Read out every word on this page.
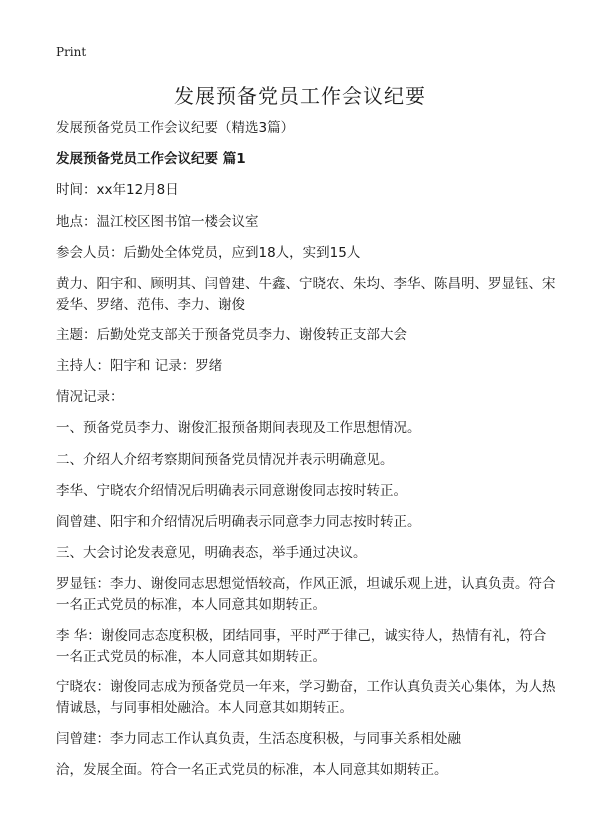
Print
发展预备党员工作会议纪要

发展预备党员工作会议纪要（精选3篇）

发展预备党员工作会议纪要 篇1

时间：xx年12月8日

地点：温江校区图书馆一楼会议室

参会人员：后勤处全体党员，应到18人，实到15人

黄力、阳宇和、顾明其、闫曾建、牛鑫、宁晓农、朱均、李华、陈昌明、罗显钰、宋爱华、罗绪、范伟、李力、谢俊

主题：后勤处党支部关于预备党员李力、谢俊转正支部大会

主持人：阳宇和 记录：罗绪

情况记录：

一、预备党员李力、谢俊汇报预备期间表现及工作思想情况。

二、介绍人介绍考察期间预备党员情况并表示明确意见。

李华、宁晓农介绍情况后明确表示同意谢俊同志按时转正。

阎曾建、阳宇和介绍情况后明确表示同意李力同志按时转正。

三、大会讨论发表意见，明确表态，举手通过决议。

罗显钰：李力、谢俊同志思想觉悟较高，作风正派，坦诚乐观上进，认真负责。符合一名正式党员的标准，本人同意其如期转正。

李 华：谢俊同志态度积极，团结同事，平时严于律己，诚实待人，热情有礼，符合一名正式党员的标准，本人同意其如期转正。

宁晓农：谢俊同志成为预备党员一年来，学习勤奋，工作认真负责关心集体，为人热情诚恳，与同事相处融洽。本人同意其如期转正。

闫曾建：李力同志工作认真负责，生活态度积极，与同事关系相处融

洽，发展全面。符合一名正式党员的标准，本人同意其如期转正。
